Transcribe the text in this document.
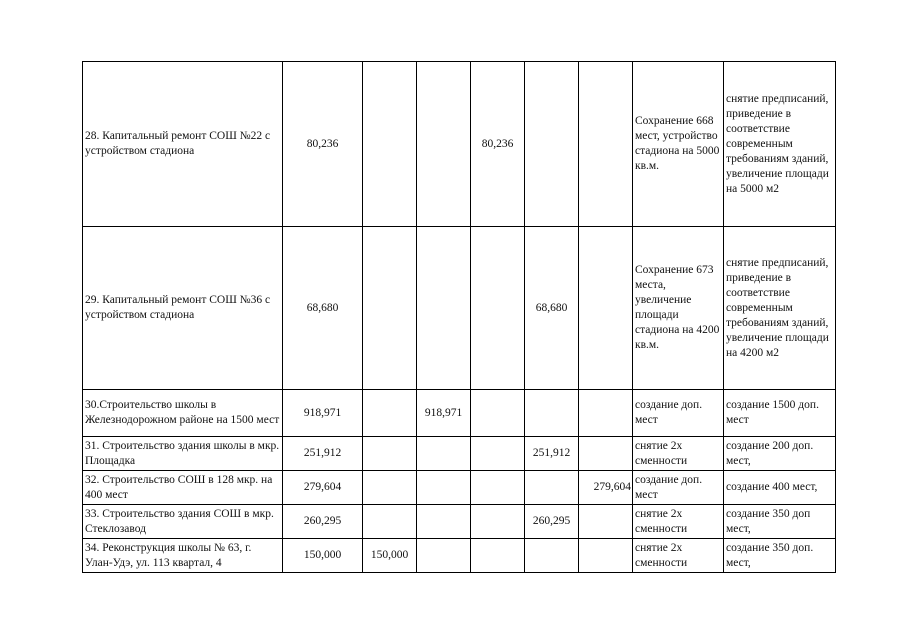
28. Капитальный ремонт СОШ №22 с устройством стадиона	80,236			80,236			Сохранение 668 мест, устройство стадиона на 5000 кв.м.	снятие предписаний, приведение в соответствие современным требованиям зданий, увеличение площади на 5000 м2
29. Капитальный ремонт СОШ №36 с устройством стадиона	68,680				68,680		Сохранение 673 места, увеличение площади стадиона на 4200 кв.м.	снятие предписаний, приведение в соответствие современным требованиям зданий, увеличение площади на 4200 м2
30.Строительство школы в Железнодорожном районе на 1500 мест	918,971		918,971				создание доп. мест	создание 1500 доп. мест
31. Строительство здания школы в мкр. Площадка	251,912				251,912		снятие 2х сменности	создание 200 доп. мест,
32. Строительство СОШ в 128 мкр. на 400 мест	279,604					279,604	создание доп. мест	создание 400 мест,
33. Строительство здания СОШ в мкр. Стеклозавод	260,295				260,295		снятие 2х сменности	создание 350 доп мест,
34. Реконструкция школы № 63, г. Улан-Удэ, ул. 113 квартал, 4	150,000	150,000					снятие 2х сменности	создание 350 доп. мест,
